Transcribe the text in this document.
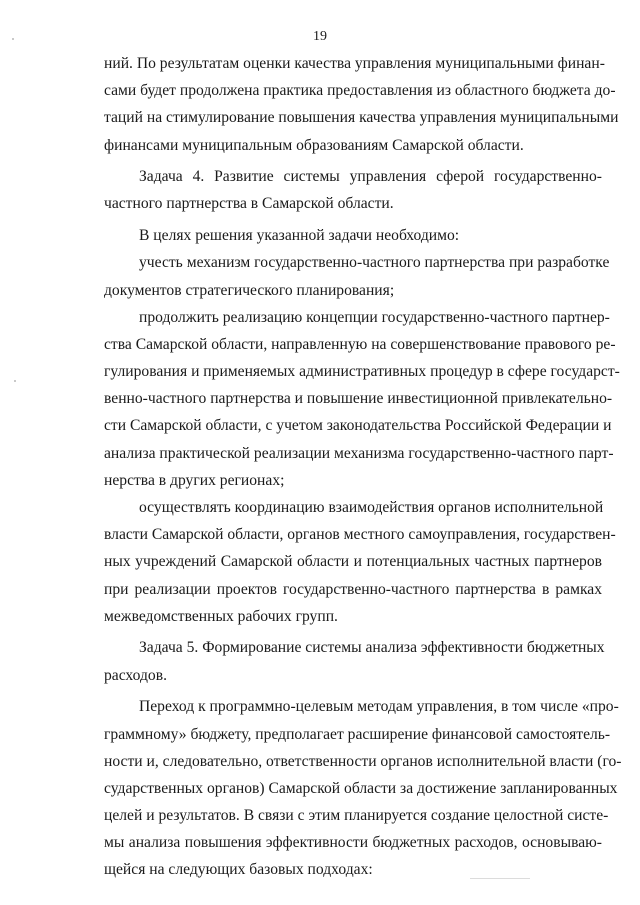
19
ний. По результатам оценки качества управления муниципальными финан-
сами будет продолжена практика предоставления из областного бюджета до-
таций на стимулирование повышения качества управления муниципальными
финансами муниципальным образованиям Самарской области.
Задача 4. Развитие системы управления сферой государственно-
частного партнерства в Самарской области.
В целях решения указанной задачи необходимо:
учесть механизм государственно-частного партнерства при разработке
документов стратегического планирования;
продолжить реализацию концепции государственно-частного партнер-
ства Самарской области, направленную на совершенствование правового ре-
гулирования и применяемых административных процедур в сфере государст-
венно-частного партнерства и повышение инвестиционной привлекательно-
сти Самарской области, с учетом законодательства Российской Федерации и
анализа практической реализации механизма государственно-частного парт-
нерства в других регионах;
осуществлять координацию взаимодействия органов исполнительной
власти Самарской области, органов местного самоуправления, государствен-
ных учреждений Самарской области и потенциальных частных партнеров
при реализации проектов государственно-частного партнерства в рамках
межведомственных рабочих групп.
Задача 5. Формирование системы анализа эффективности бюджетных
расходов.
Переход к программно-целевым методам управления, в том числе «про-
граммному» бюджету, предполагает расширение финансовой самостоятель-
ности и, следовательно, ответственности органов исполнительной власти (го-
сударственных органов) Самарской области за достижение запланированных
целей и результатов. В связи с этим планируется создание целостной систе-
мы анализа повышения эффективности бюджетных расходов, основываю-
щейся на следующих базовых подходах:
